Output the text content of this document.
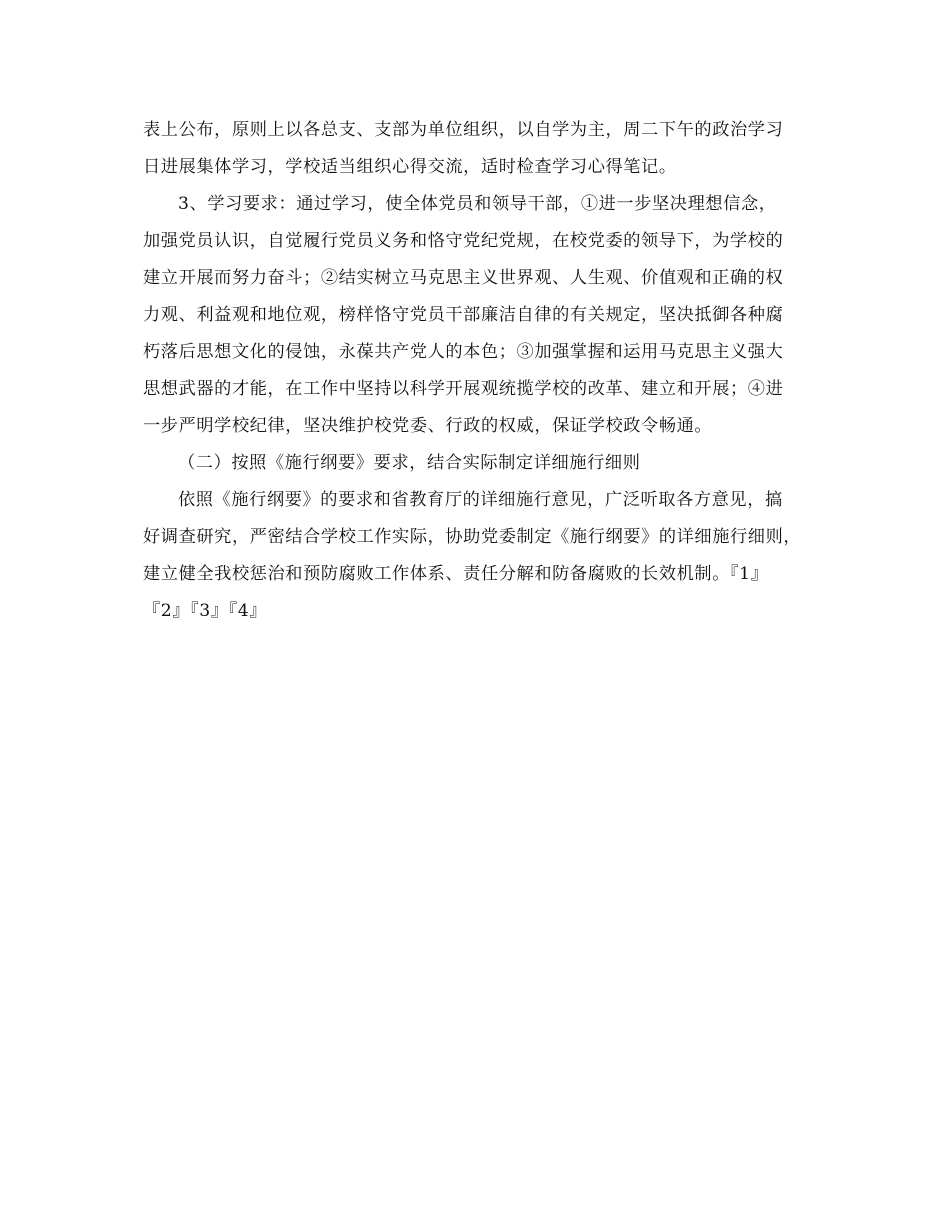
表上公布，原则上以各总支、支部为单位组织，以自学为主，周二下午的政治学习
日进展集体学习，学校适当组织心得交流，适时检查学习心得笔记。
3、学习要求：通过学习，使全体党员和领导干部，①进一步坚决理想信念，
加强党员认识，自觉履行党员义务和恪守党纪党规，在校党委的领导下，为学校的
建立开展而努力奋斗；②结实树立马克思主义世界观、人生观、价值观和正确的权
力观、利益观和地位观，榜样恪守党员干部廉洁自律的有关规定，坚决抵御各种腐
朽落后思想文化的侵蚀，永葆共产党人的本色；③加强掌握和运用马克思主义强大
思想武器的才能，在工作中坚持以科学开展观统揽学校的改革、建立和开展；④进
一步严明学校纪律，坚决维护校党委、行政的权威，保证学校政令畅通。
（二）按照《施行纲要》要求，结合实际制定详细施行细则
依照《施行纲要》的要求和省教育厅的详细施行意见，广泛听取各方意见，搞
好调查研究，严密结合学校工作实际，协助党委制定《施行纲要》的详细施行细则，
建立健全我校惩治和预防腐败工作体系、责任分解和防备腐败的长效机制。『1』
『2』『3』『4』
